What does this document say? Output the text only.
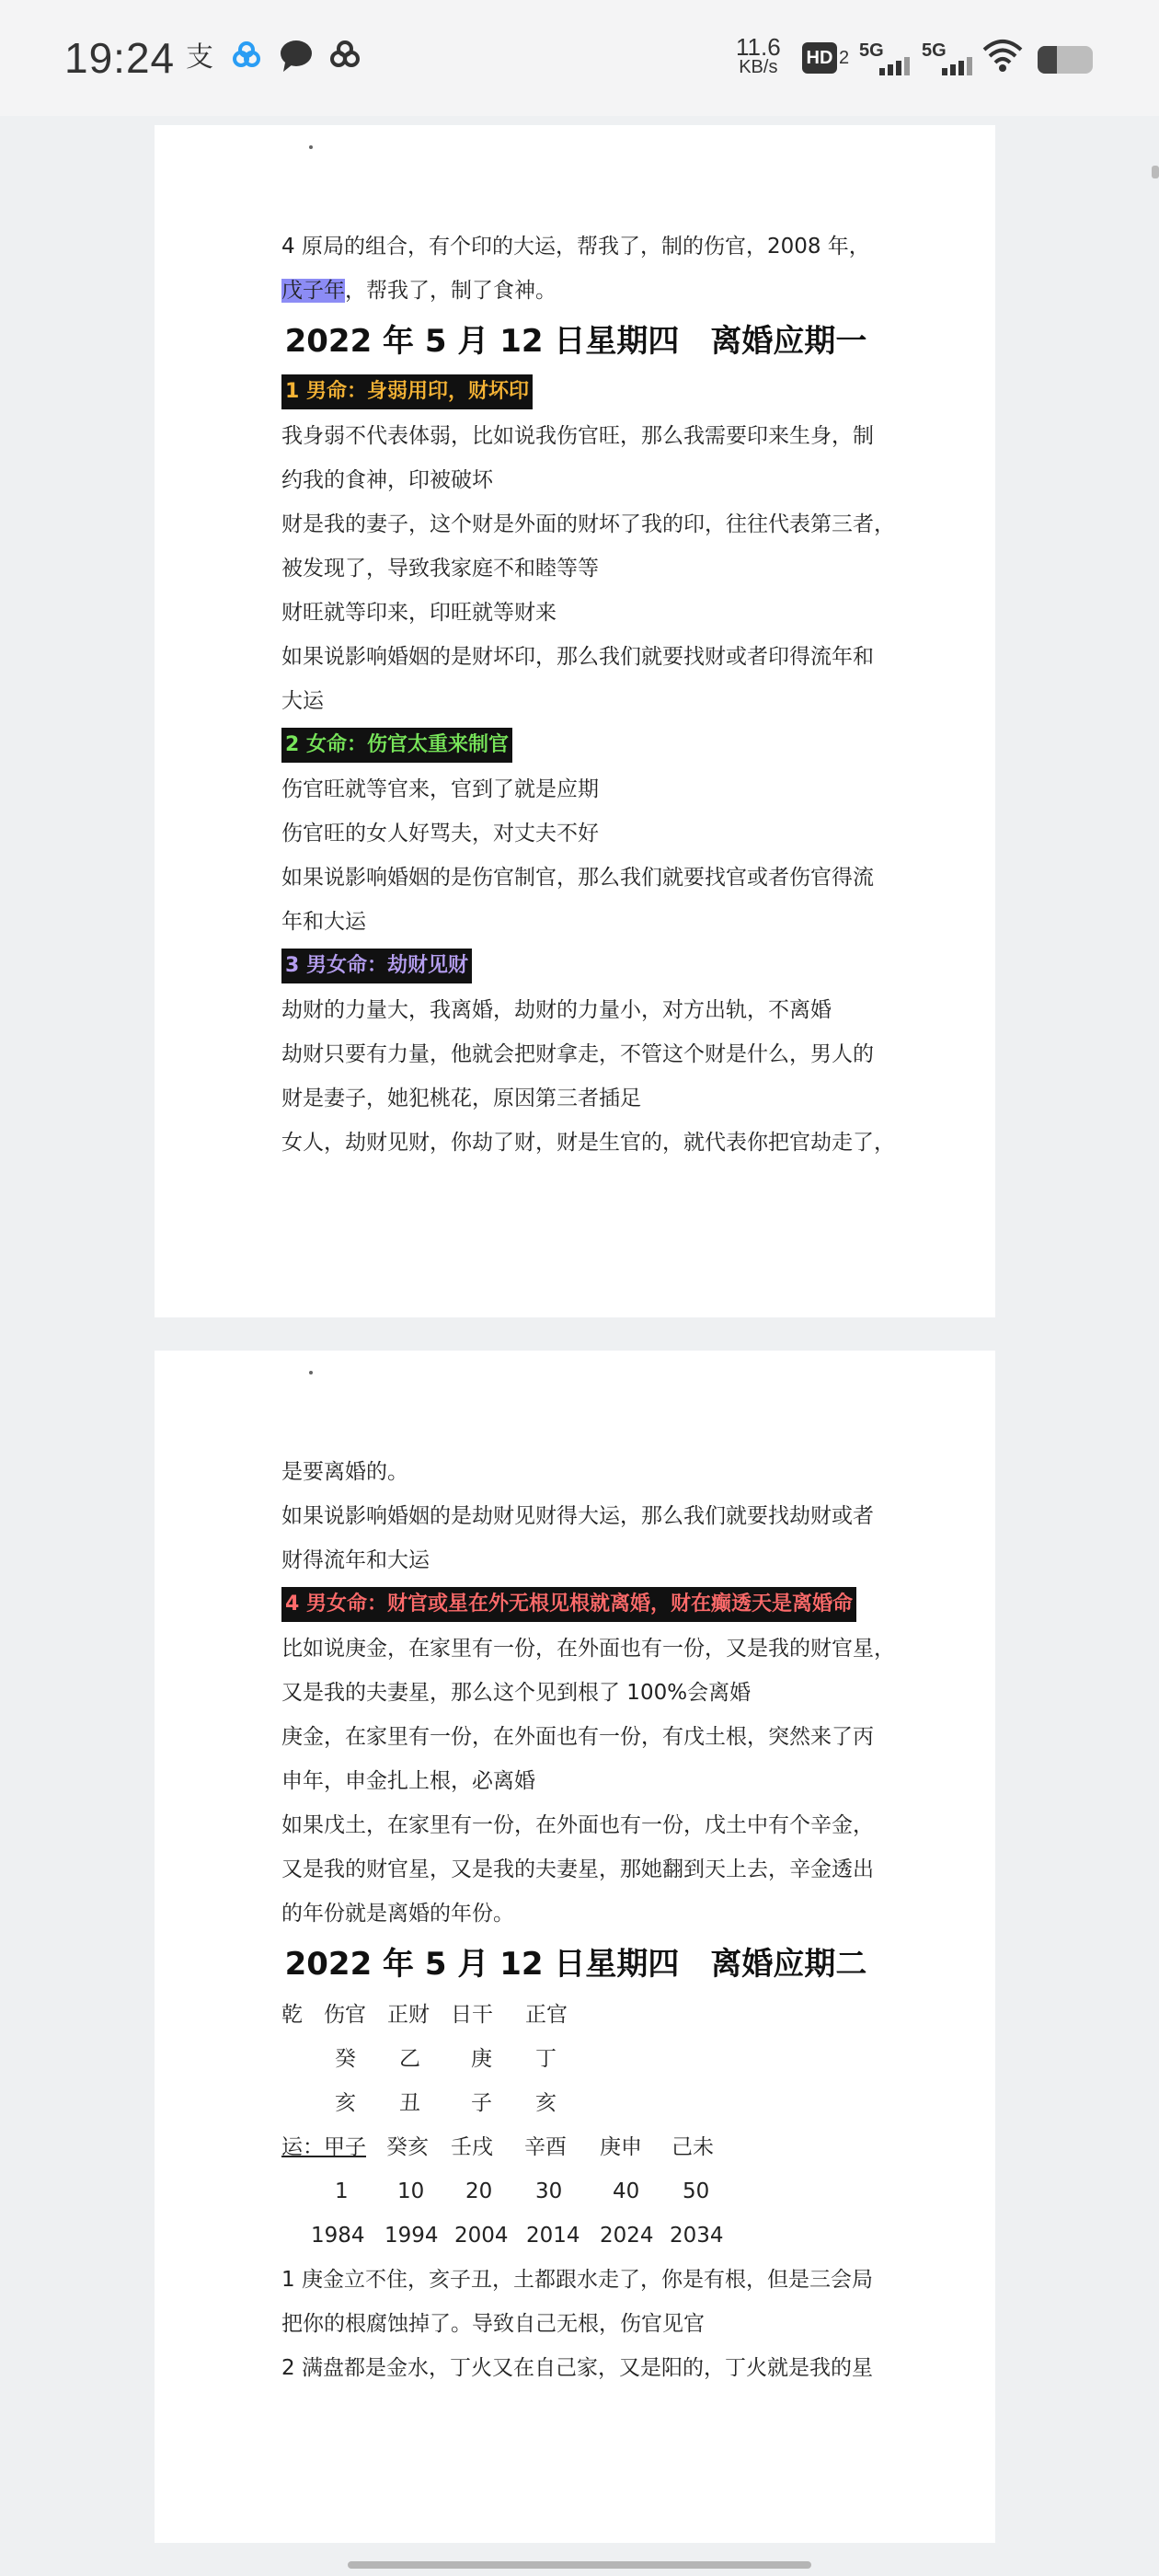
19:24 支	11.6
KB/s HD 2 5G 5G
4 原局的组合，有个印的大运，帮我了，制的伤官，2008 年，
戊子年，帮我了，制了食神。
2022 年 5 月 12 日星期四　离婚应期一
1 男命：身弱用印，财坏印
我身弱不代表体弱，比如说我伤官旺，那么我需要印来生身，制
约我的食神，印被破坏
财是我的妻子，这个财是外面的财坏了我的印，往往代表第三者，
被发现了，导致我家庭不和睦等等
财旺就等印来，印旺就等财来
如果说影响婚姻的是财坏印，那么我们就要找财或者印得流年和
大运
2 女命：伤官太重来制官
伤官旺就等官来，官到了就是应期
伤官旺的女人好骂夫，对丈夫不好
如果说影响婚姻的是伤官制官，那么我们就要找官或者伤官得流
年和大运
3 男女命：劫财见财
劫财的力量大，我离婚，劫财的力量小，对方出轨，不离婚
劫财只要有力量，他就会把财拿走，不管这个财是什么，男人的
财是妻子，她犯桃花，原因第三者插足
女人，劫财见财，你劫了财，财是生官的，就代表你把官劫走了，
是要离婚的。
如果说影响婚姻的是劫财见财得大运，那么我们就要找劫财或者
财得流年和大运
4 男女命：财官或星在外无根见根就离婚，财在癫透天是离婚命
比如说庚金，在家里有一份，在外面也有一份，又是我的财官星，
又是我的夫妻星，那么这个见到根了 100%会离婚
庚金，在家里有一份，在外面也有一份，有戊土根，突然来了丙
申年，申金扎上根，必离婚
如果戊土，在家里有一份，在外面也有一份，戊土中有个辛金，
又是我的财官星，又是我的夫妻星，那她翻到天上去，辛金透出
的年份就是离婚的年份。
2022 年 5 月 12 日星期四　离婚应期二
乾 伤官 正财 日干 正官
癸 乙 庚 丁
亥 丑 子 亥
运：甲子 癸亥 壬戌 辛酉 庚申 己未
1 10 20 30 40 50
1984 1994 2004 2014 2024 2034
1 庚金立不住，亥子丑，土都跟水走了，你是有根，但是三会局
把你的根腐蚀掉了。导致自己无根，伤官见官
2 满盘都是金水，丁火又在自己家，又是阳的，丁火就是我的星
